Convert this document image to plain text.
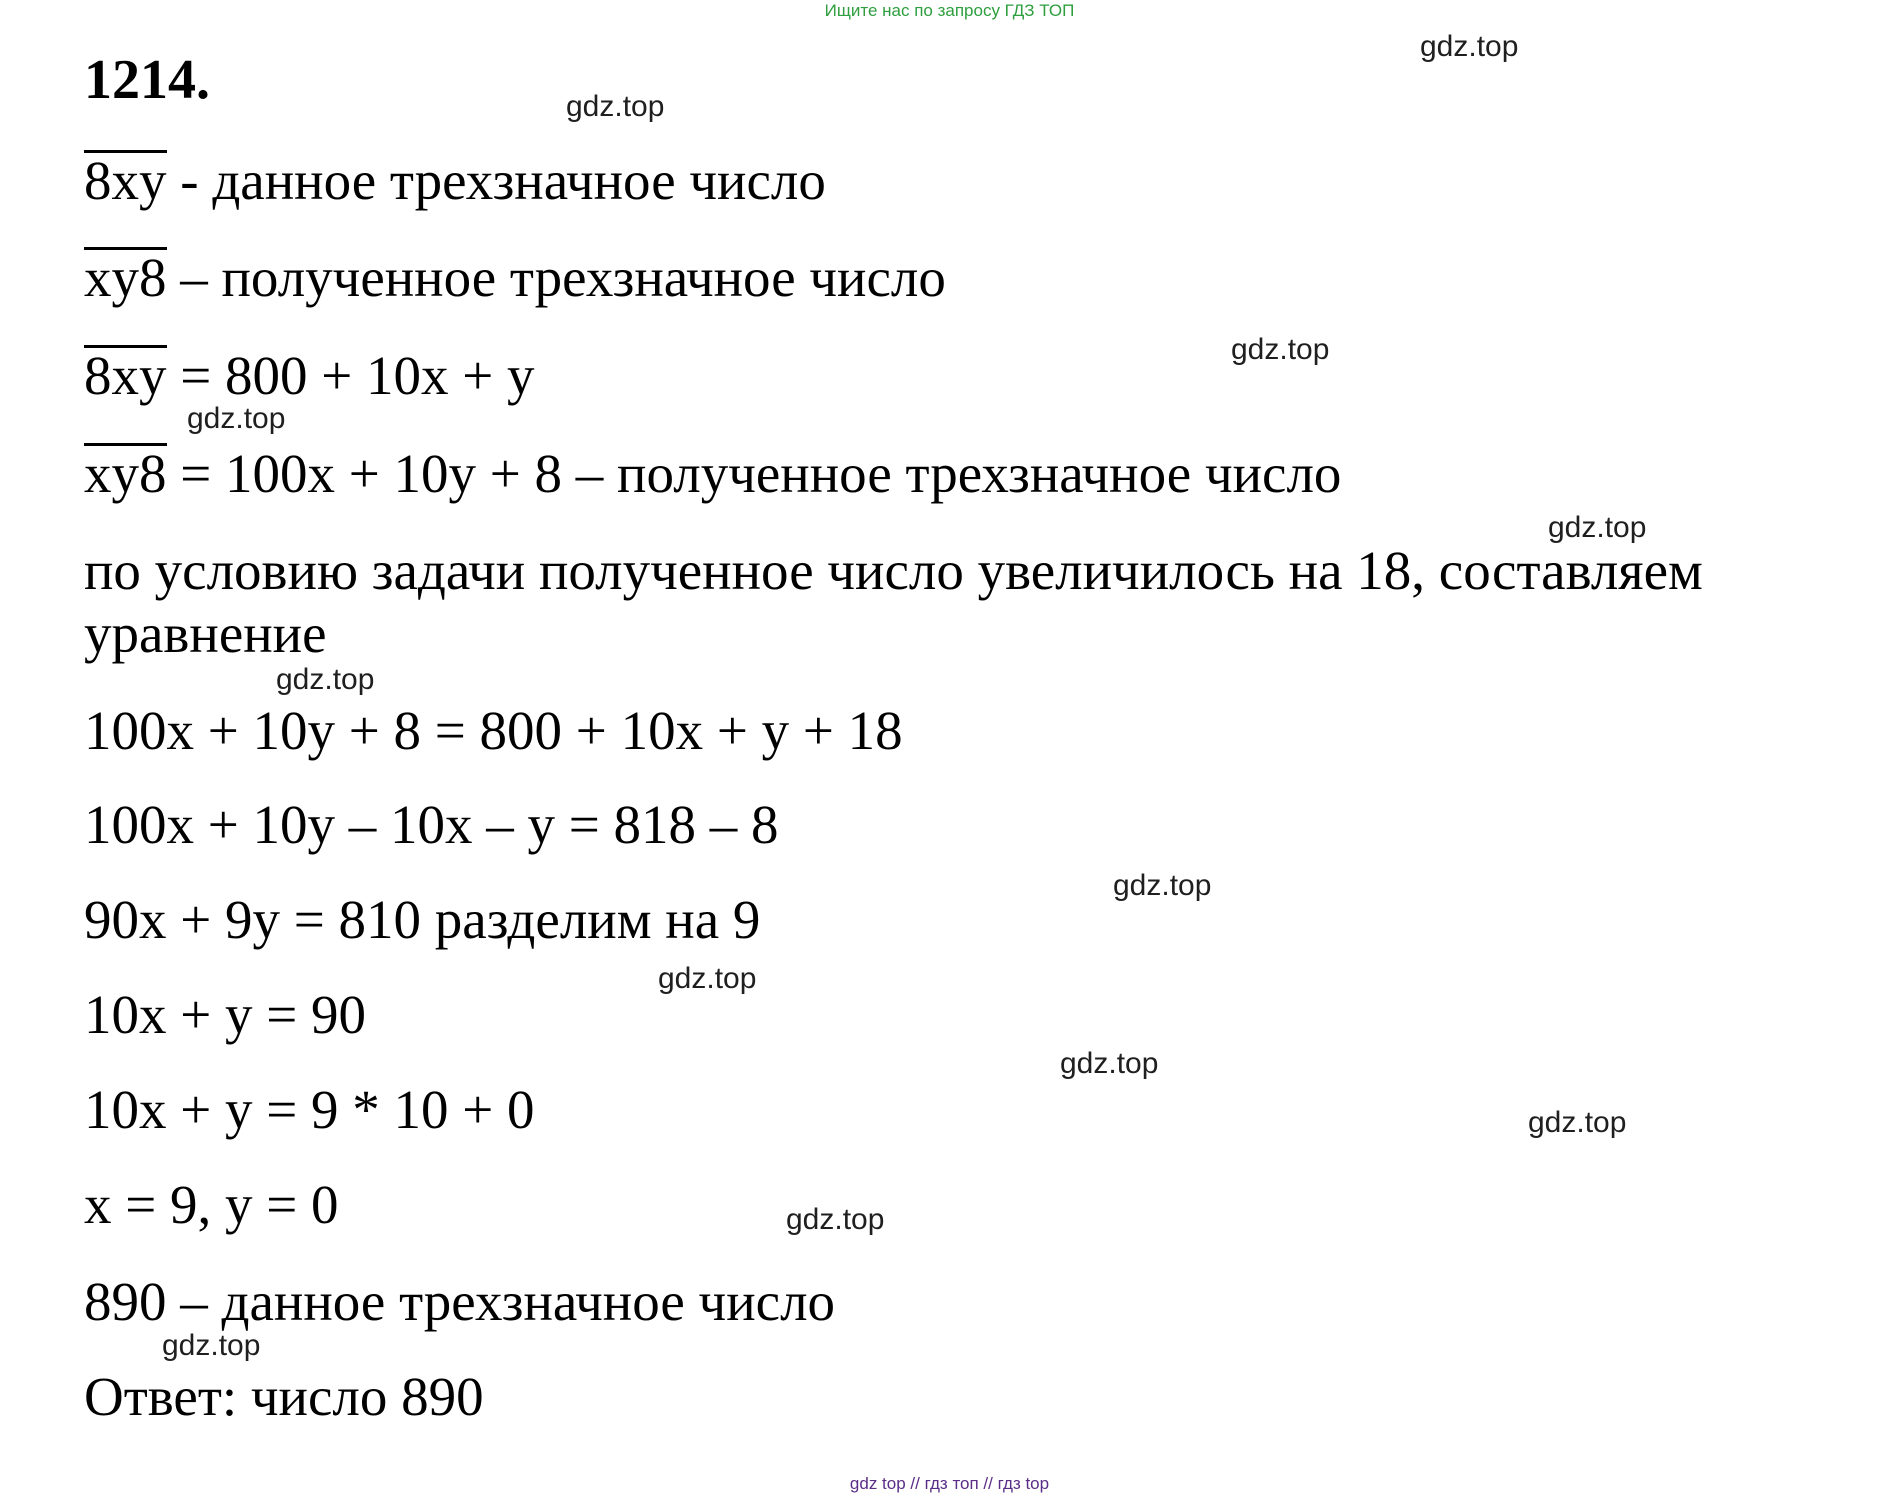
Ищите нас по запросу ГДЗ ТОП
1214.
8xy - данное трехзначное число
xy8 – полученное трехзначное число
8xy = 800 + 10x + y
xy8 = 100x + 10y + 8 – полученное трехзначное число
по условию задачи полученное число увеличилось на 18, составляем
уравнение
100x + 10y + 8 = 800 + 10x + y + 18
100x + 10y – 10x – y = 818 – 8
90x + 9y = 810 разделим на 9
10x + y = 90
10x + y = 9 * 10 + 0
x = 9, y = 0
890 – данное трехзначное число
Ответ: число 890
gdz.top
gdz.top
gdz.top
gdz.top
gdz.top
gdz.top
gdz.top
gdz.top
gdz.top
gdz.top
gdz.top
gdz.top
gdz top // гдз топ // гдз top
